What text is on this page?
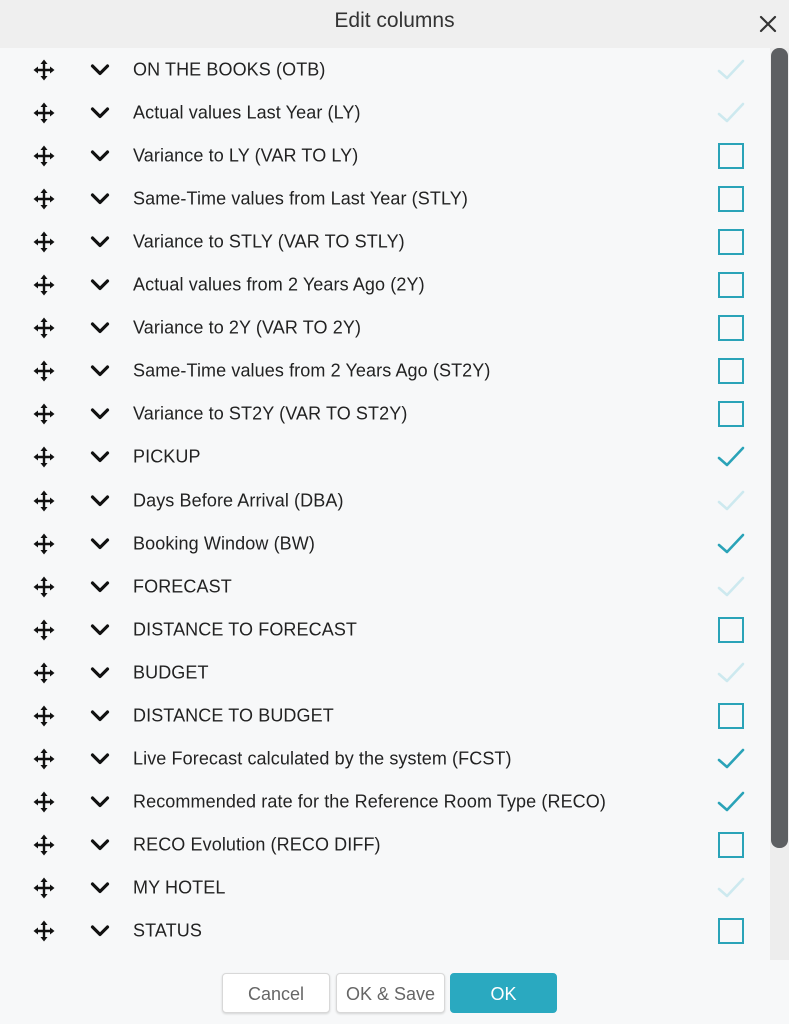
Edit columns
ON THE BOOKS (OTB)
Actual values Last Year (LY)
Variance to LY (VAR TO LY)
Same-Time values from Last Year (STLY)
Variance to STLY (VAR TO STLY)
Actual values from 2 Years Ago (2Y)
Variance to 2Y (VAR TO 2Y)
Same-Time values from 2 Years Ago (ST2Y)
Variance to ST2Y (VAR TO ST2Y)
PICKUP
Days Before Arrival (DBA)
Booking Window (BW)
FORECAST
DISTANCE TO FORECAST
BUDGET
DISTANCE TO BUDGET
Live Forecast calculated by the system (FCST)
Recommended rate for the Reference Room Type (RECO)
RECO Evolution (RECO DIFF)
MY HOTEL
STATUS
Cancel	OK & Save	OK
